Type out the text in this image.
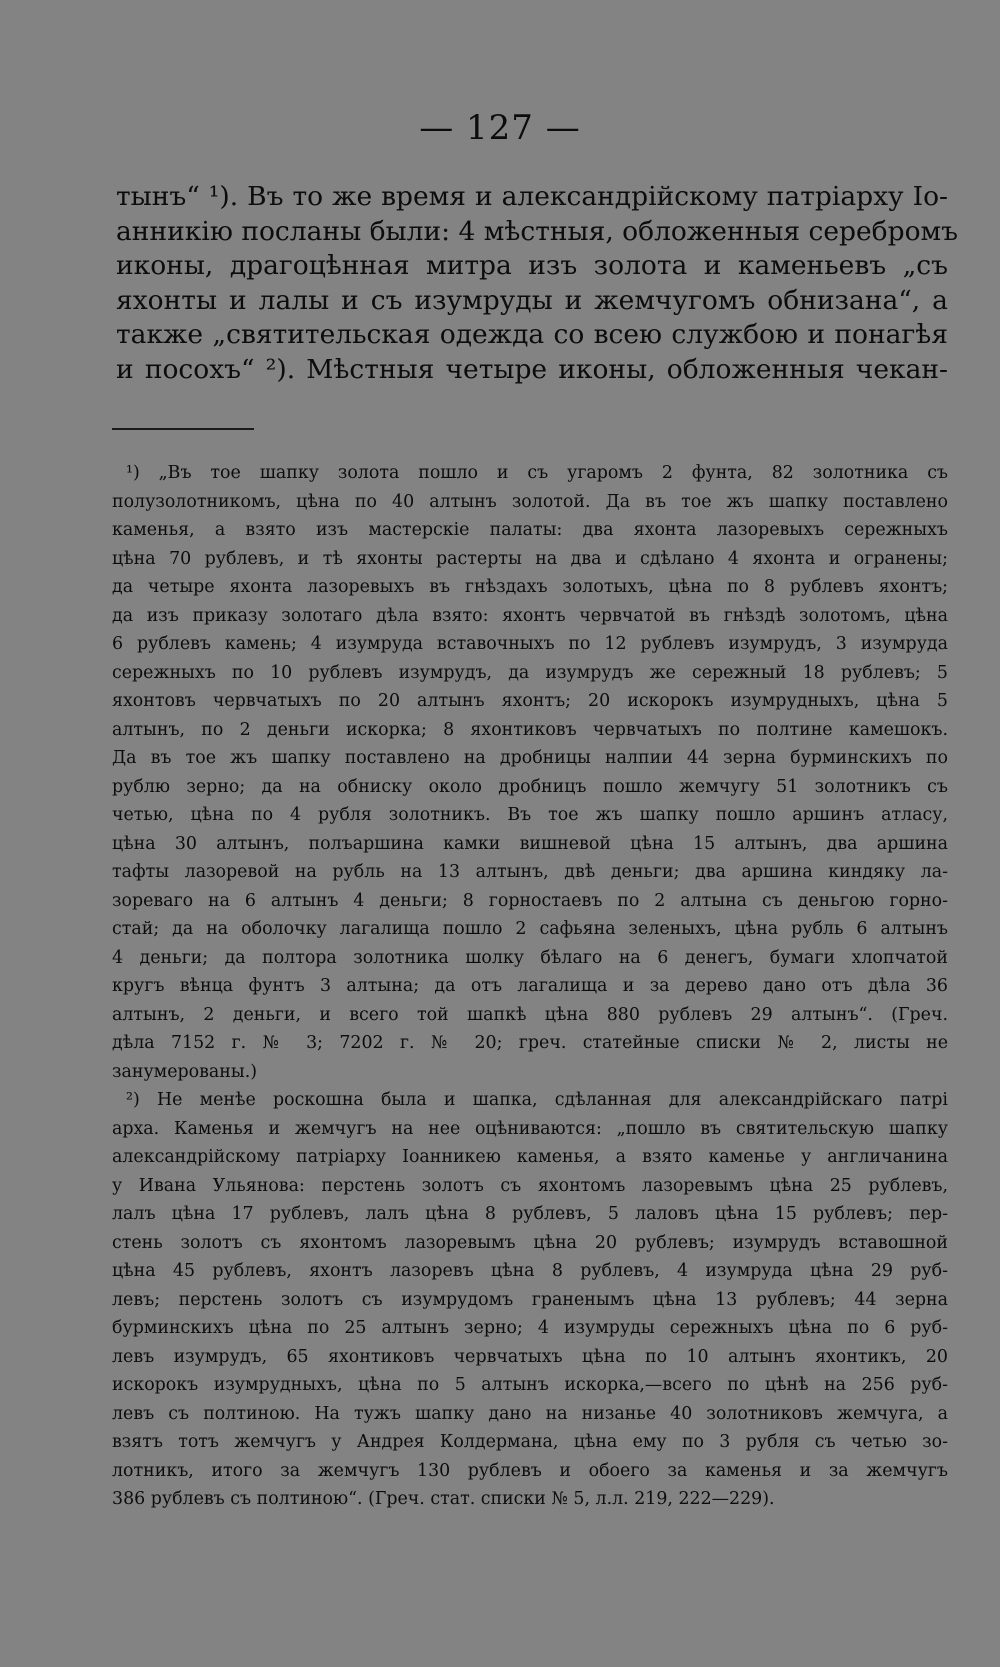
— 127 —
тынъ“ ¹). Въ то же время и александрійскому патріарху Іо-
анникію посланы были: 4 мѣстныя, обложенныя серебромъ
иконы, драгоцѣнная митра изъ золота и каменьевъ „съ
яхонты и лалы и съ изумруды и жемчугомъ обнизана“, а
также „святительская одежда со всею службою и понагѣя
и посохъ“ ²). Мѣстныя четыре иконы, обложенныя чекан-
¹) „Въ тое шапку золота пошло и съ угаромъ 2 фунта, 82 золотника съ
полузолотникомъ, цѣна по 40 алтынъ золотой. Да въ тое жъ шапку поставлено
каменья, а взято изъ мастерскіе палаты: два яхонта лазоревыхъ сережныхъ
цѣна 70 рублевъ, и тѣ яхонты растерты на два и сдѣлано 4 яхонта и огранены;
да четыре яхонта лазоревыхъ въ гнѣздахъ золотыхъ, цѣна по 8 рублевъ яхонтъ;
да изъ приказу золотаго дѣла взято: яхонтъ червчатой въ гнѣздѣ золотомъ, цѣна
6 рублевъ камень; 4 изумруда вставочныхъ по 12 рублевъ изумрудъ, 3 изумруда
сережныхъ по 10 рублевъ изумрудъ, да изумрудъ же сережный 18 рублевъ; 5
яхонтовъ червчатыхъ по 20 алтынъ яхонтъ; 20 искорокъ изумрудныхъ, цѣна 5
алтынъ, по 2 деньги искорка; 8 яхонтиковъ червчатыхъ по полтине камешокъ.
Да въ тое жъ шапку поставлено на дробницы налпии 44 зерна бурминскихъ по
рублю зерно; да на обниску около дробницъ пошло жемчугу 51 золотникъ съ
четью, цѣна по 4 рубля золотникъ. Въ тое жъ шапку пошло аршинъ атласу,
цѣна 30 алтынъ, полъаршина камки вишневой цѣна 15 алтынъ, два аршина
тафты лазоревой на рубль на 13 алтынъ, двѣ деньги; два аршина киндяку ла-
зореваго на 6 алтынъ 4 деньги; 8 горностаевъ по 2 алтына съ деньгою горно-
стай; да на оболочку лагалища пошло 2 сафьяна зеленыхъ, цѣна рубль 6 алтынъ
4 деньги; да полтора золотника шолку бѣлаго на 6 денегъ, бумаги хлопчатой
кругъ вѣнца фунтъ 3 алтына; да отъ лагалища и за дерево дано отъ дѣла 36
алтынъ, 2 деньги, и всего той шапкѣ цѣна 880 рублевъ 29 алтынъ“. (Греч.
дѣла 7152 г. № 3; 7202 г. № 20; греч. статейные списки № 2, листы не
занумерованы.)
²) Не менѣе роскошна была и шапка, сдѣланная для александрійскаго патрі
арха. Каменья и жемчугъ на нее оцѣниваются: „пошло въ святительскую шапку
александрійскому патріарху Іоанникею каменья, а взято каменье у англичанина
у Ивана Ульянова: перстень золотъ съ яхонтомъ лазоревымъ цѣна 25 рублевъ,
лалъ цѣна 17 рублевъ, лалъ цѣна 8 рублевъ, 5 лаловъ цѣна 15 рублевъ; пер-
стень золотъ съ яхонтомъ лазоревымъ цѣна 20 рублевъ; изумрудъ вставошной
цѣна 45 рублевъ, яхонтъ лазоревъ цѣна 8 рублевъ, 4 изумруда цѣна 29 руб-
левъ; перстень золотъ съ изумрудомъ граненымъ цѣна 13 рублевъ; 44 зерна
бурминскихъ цѣна по 25 алтынъ зерно; 4 изумруды сережныхъ цѣна по 6 руб-
левъ изумрудъ, 65 яхонтиковъ червчатыхъ цѣна по 10 алтынъ яхонтикъ, 20
искорокъ изумрудныхъ, цѣна по 5 алтынъ искорка,—всего по цѣнѣ на 256 руб-
левъ съ полтиною. На тужъ шапку дано на низанье 40 золотниковъ жемчуга, а
взятъ тотъ жемчугъ у Андрея Колдермана, цѣна ему по 3 рубля съ четью зо-
лотникъ, итого за жемчугъ 130 рублевъ и обоего за каменья и за жемчугъ
386 рублевъ съ полтиною“. (Греч. стат. списки № 5, л.л. 219, 222—229).
